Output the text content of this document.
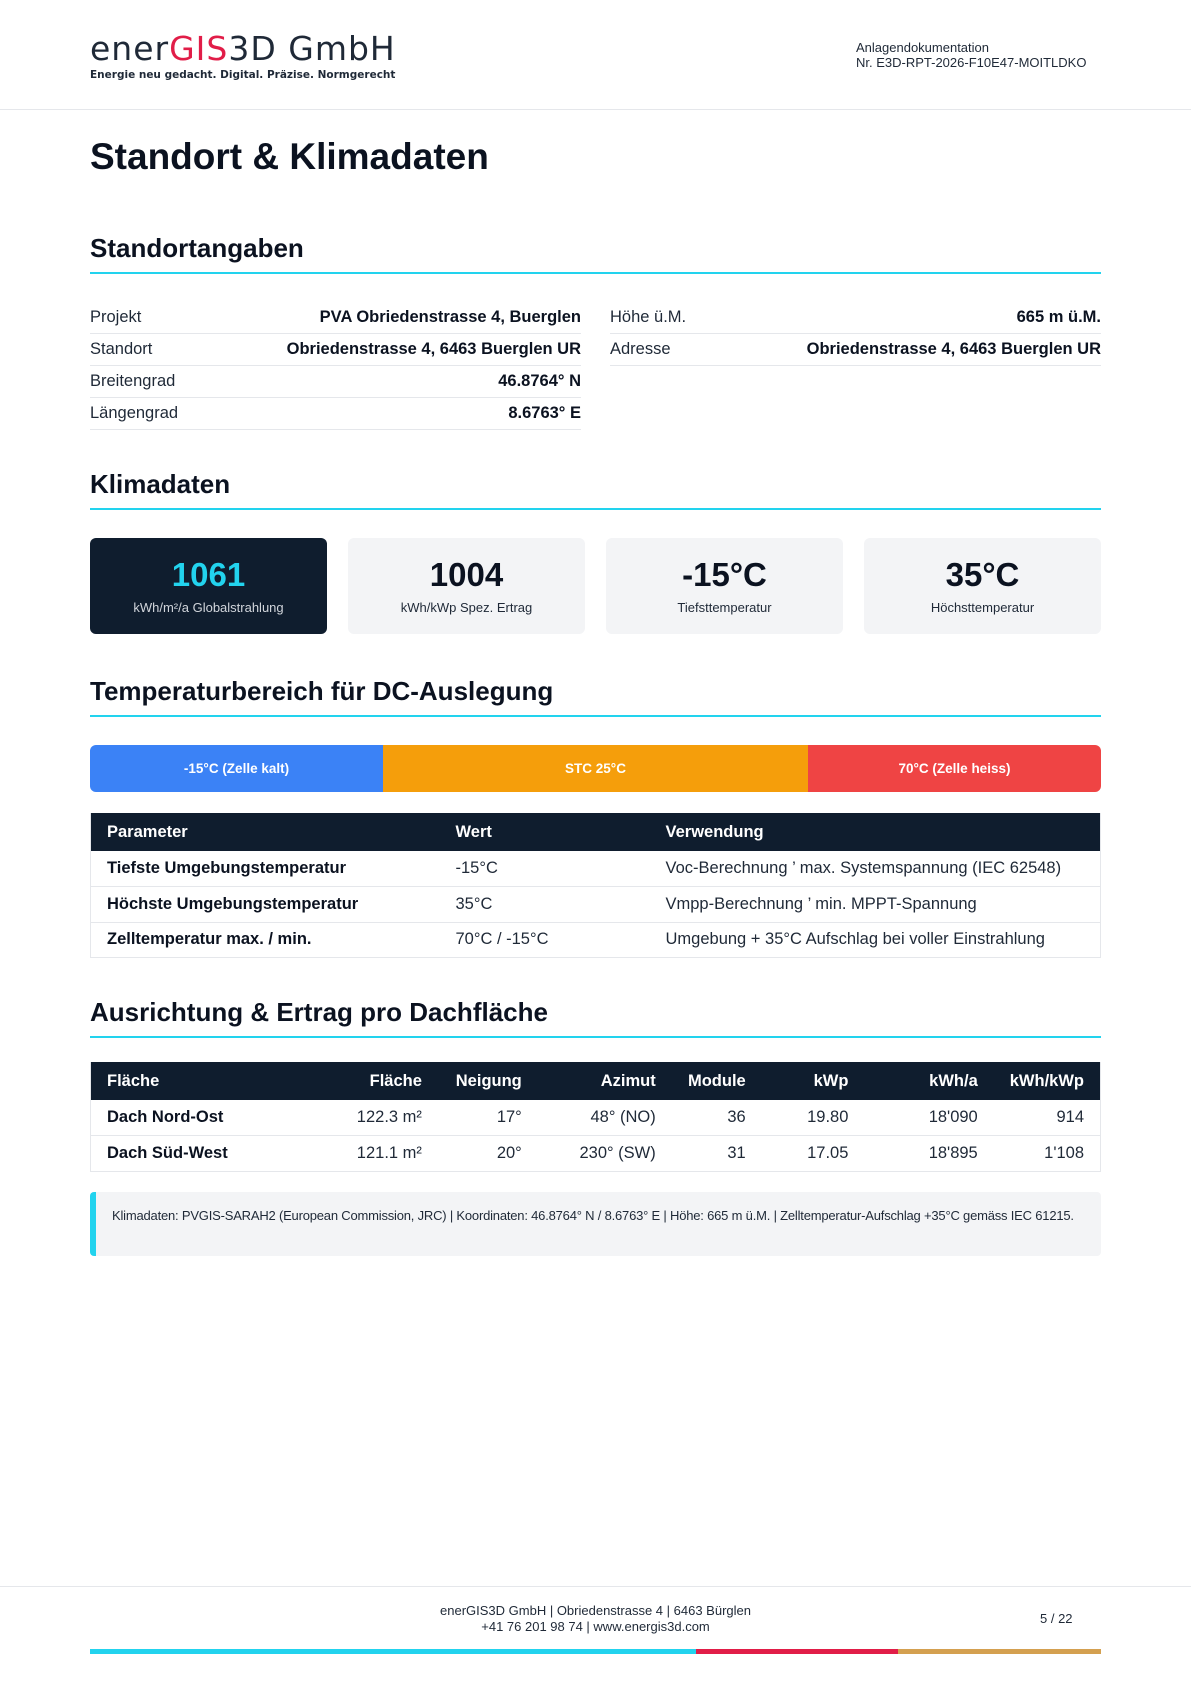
enerGIS3D GmbH
Energie neu gedacht. Digital. Präzise. Normgerecht
Anlagendokumentation
Nr. E3D-RPT-2026-F10E47-MOITLDKO
Standort & Klimadaten
Standortangaben
Projekt	PVA Obriedenstrasse 4, Buerglen
Standort	Obriedenstrasse 4, 6463 Buerglen UR
Breitengrad	46.8764° N
Längengrad	8.6763° E
Höhe ü.M.	665 m ü.M.
Adresse	Obriedenstrasse 4, 6463 Buerglen UR
Klimadaten
1061
kWh/m²/a Globalstrahlung
1004
kWh/kWp Spez. Ertrag
-15°C
Tiefsttemperatur
35°C
Höchsttemperatur
Temperaturbereich für DC-Auslegung
-15°C (Zelle kalt)	STC 25°C	70°C (Zelle heiss)
Parameter	Wert	Verwendung
Tiefste Umgebungstemperatur	-15°C	Voc-Berechnung ’ max. Systemspannung (IEC 62548)
Höchste Umgebungstemperatur	35°C	Vmpp-Berechnung ’ min. MPPT-Spannung
Zelltemperatur max. / min.	70°C / -15°C	Umgebung + 35°C Aufschlag bei voller Einstrahlung
Ausrichtung & Ertrag pro Dachfläche
Fläche	Fläche	Neigung	Azimut	Module	kWp	kWh/a	kWh/kWp
Dach Nord-Ost	122.3 m²	17°	48° (NO)	36	19.80	18'090	914
Dach Süd-West	121.1 m²	20°	230° (SW)	31	17.05	18'895	1'108
Klimadaten: PVGIS-SARAH2 (European Commission, JRC) | Koordinaten: 46.8764° N / 8.6763° E | Höhe: 665 m ü.M. | Zelltemperatur-Aufschlag +35°C gemäss IEC 61215.
enerGIS3D GmbH | Obriedenstrasse 4 | 6463 Bürglen
+41 76 201 98 74 | www.energis3d.com
5 / 22
